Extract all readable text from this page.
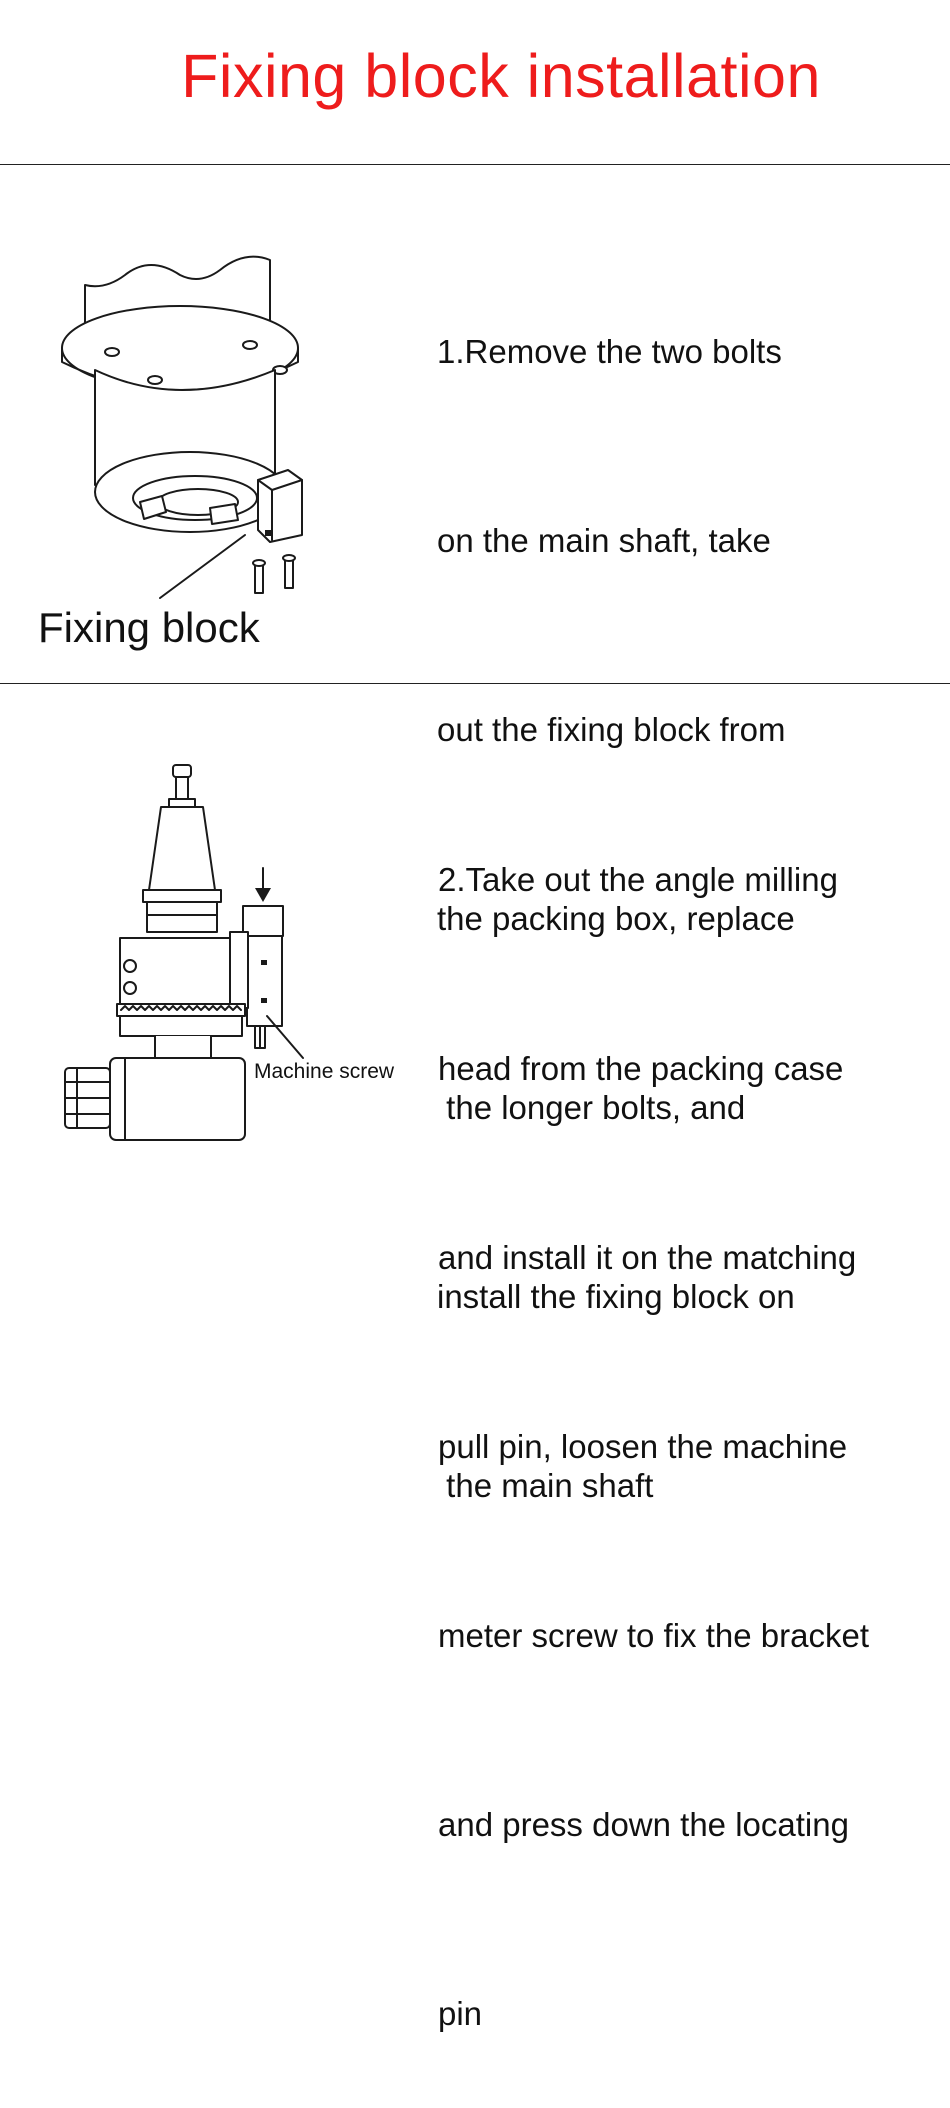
Fixing block installation
Fixing block

1.Remove the two bolts

on the main shaft, take

out the fixing block from

the packing box, replace

the longer bolts, and

install the fixing block on

the main shaft

Machine screw

2.Take out the angle milling

head from the packing case

and install it on the matching

pull pin, loosen the machine

meter screw to fix the bracket

and press down the locating

pin
